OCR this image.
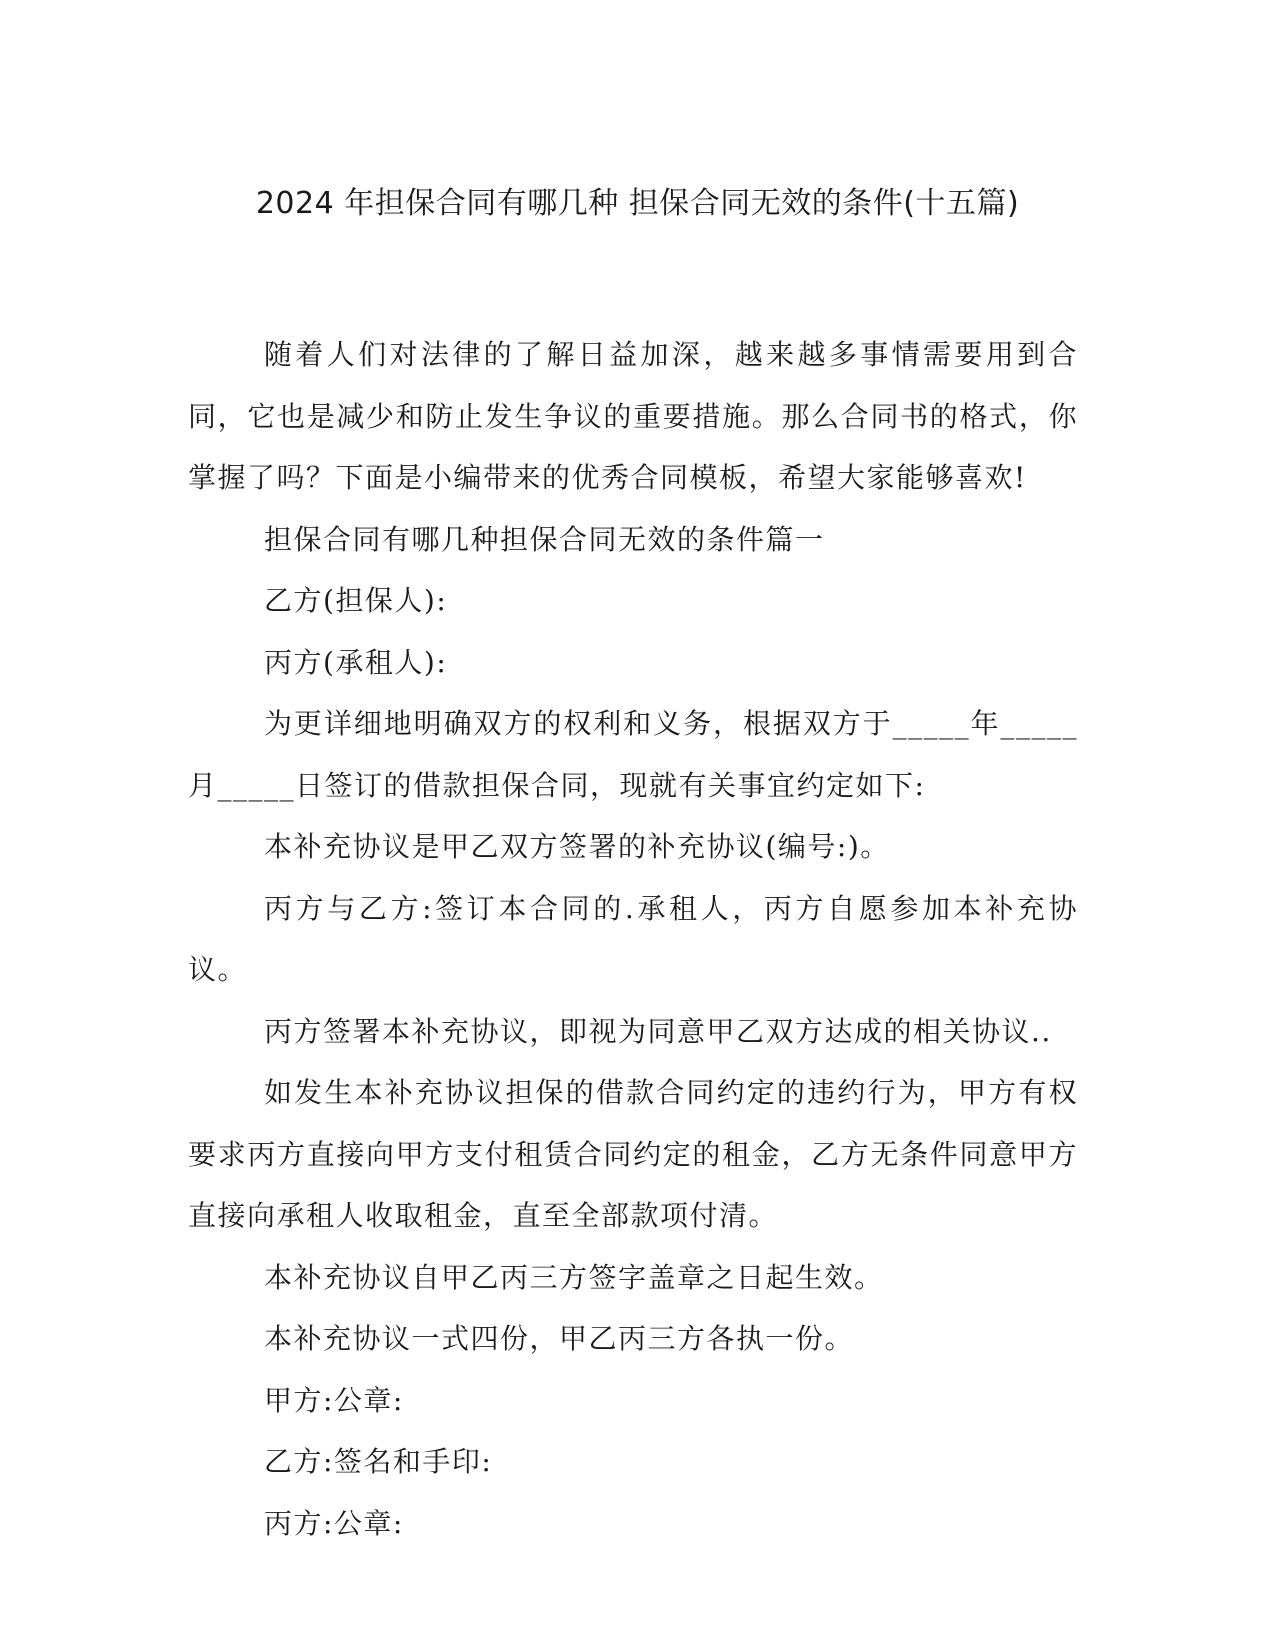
2024 年担保合同有哪几种 担保合同无效的条件(十五篇)

随着人们对法律的了解日益加深，越来越多事情需要用到合同，它也是减少和防止发生争议的重要措施。那么合同书的格式，你掌握了吗？下面是小编带来的优秀合同模板，希望大家能够喜欢!

担保合同有哪几种担保合同无效的条件篇一

乙方(担保人):

丙方(承租人):

为更详细地明确双方的权利和义务，根据双方于_____年_____月_____日签订的借款担保合同，现就有关事宜约定如下:

本补充协议是甲乙双方签署的补充协议(编号:)。

丙方与乙方:签订本合同的.承租人，丙方自愿参加本补充协议。

丙方签署本补充协议，即视为同意甲乙双方达成的相关协议..

如发生本补充协议担保的借款合同约定的违约行为，甲方有权要求丙方直接向甲方支付租赁合同约定的租金，乙方无条件同意甲方直接向承租人收取租金，直至全部款项付清。

本补充协议自甲乙丙三方签字盖章之日起生效。

本补充协议一式四份，甲乙丙三方各执一份。

甲方:公章:

乙方:签名和手印:

丙方:公章:
